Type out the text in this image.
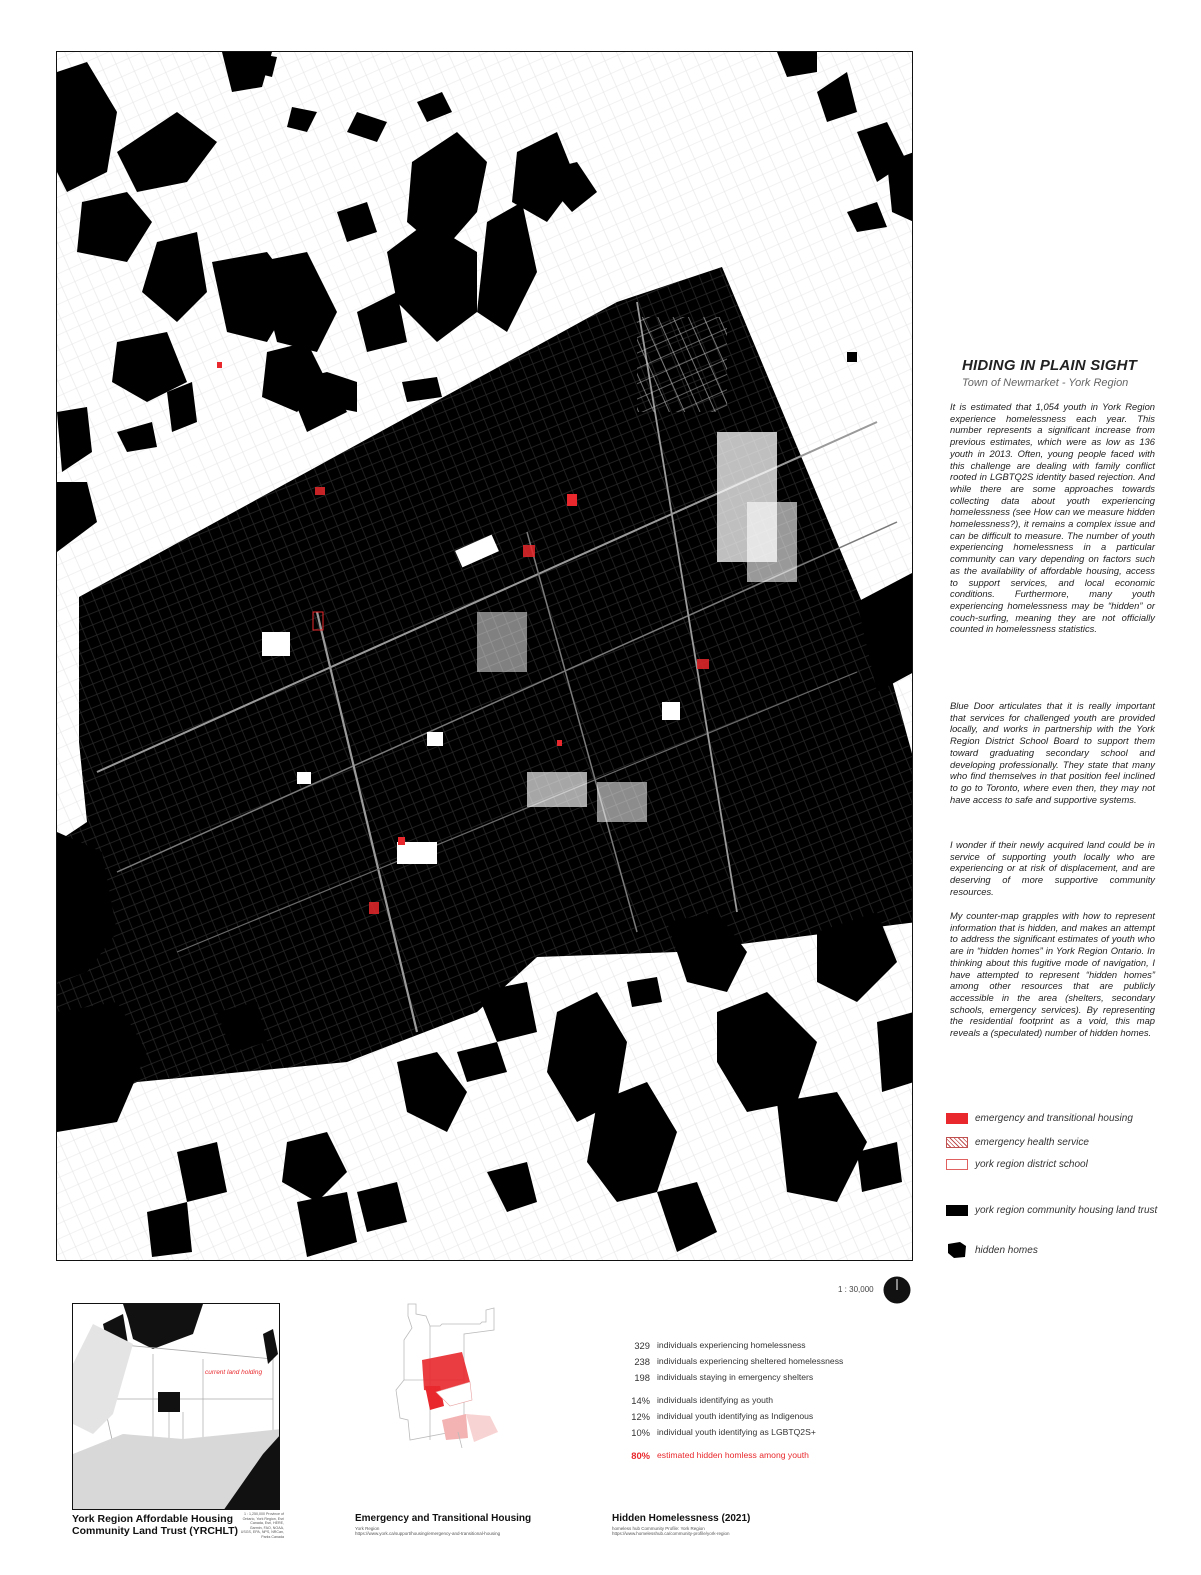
HIDING IN PLAIN SIGHT
Town of Newmarket - York Region

It is estimated that 1,054 youth in York Region experience homelessness each year. This number represents a significant increase from previous estimates, which were as low as 136 youth in 2013. Often, young people faced with this challenge are dealing with family conflict rooted in LGBTQ2S identity based rejection. And while there are some approaches towards collecting data about youth experiencing homelessness (see How can we measure hidden homelessness?), it remains a complex issue and can be difficult to measure. The number of youth experiencing homelessness in a particular community can vary depending on factors such as the availability of affordable housing, access to support services, and local economic conditions. Furthermore, many youth experiencing homelessness may be “hidden” or couch-surfing, meaning they are not officially counted in homelessness statistics.

Blue Door articulates that it is really important that services for challenged youth are provided locally, and works in partnership with the York Region District School Board to support them toward graduating secondary school and developing professionally. They state that many who find themselves in that position feel inclined to go to Toronto, where even then, they may not have access to safe and supportive systems.

I wonder if their newly acquired land could be in service of supporting youth locally who are experiencing or at risk of displacement, and are deserving of more supportive community resources.

My counter-map grapples with how to represent information that is hidden, and makes an attempt to address the significant estimates of youth who are in “hidden homes” in York Region Ontario. In thinking about this fugitive mode of navigation, I have attempted to represent “hidden homes” among other resources that are publicly accessible in the area (shelters, secondary schools, emergency services). By representing the residential footprint as a void, this map reveals a (speculated) number of hidden homes.

emergency and transitional housing
emergency health service
york region district school
york region community housing land trust
hidden homes
1 : 30,000
current land holding
York Region Affordable Housing
Community Land Trust (YRCHLT)
1 : 1,250,000 Province of Ontario, York Region, Esri Canada, Esri, HERE, Garmin, FAO, NOAA, USGS, EPA, NPS, NRCan, Parks Canada
Emergency and Transitional Housing
York Region
https://www.york.ca/support/housing/emergency-and-transitional-housing
329 individuals experiencing homelessness
238 individuals experiencing sheltered homelessness
198 individuals staying in emergency shelters
14% individuals identifying as youth
12% individual youth identifying as Indigenous
10% individual youth identifying as LGBTQ2S+
80% estimated hidden homless among youth
Hidden Homelessness (2021)
homeless hub Community Profile: York Region
https://www.homelesshub.ca/community-profile/york-region
